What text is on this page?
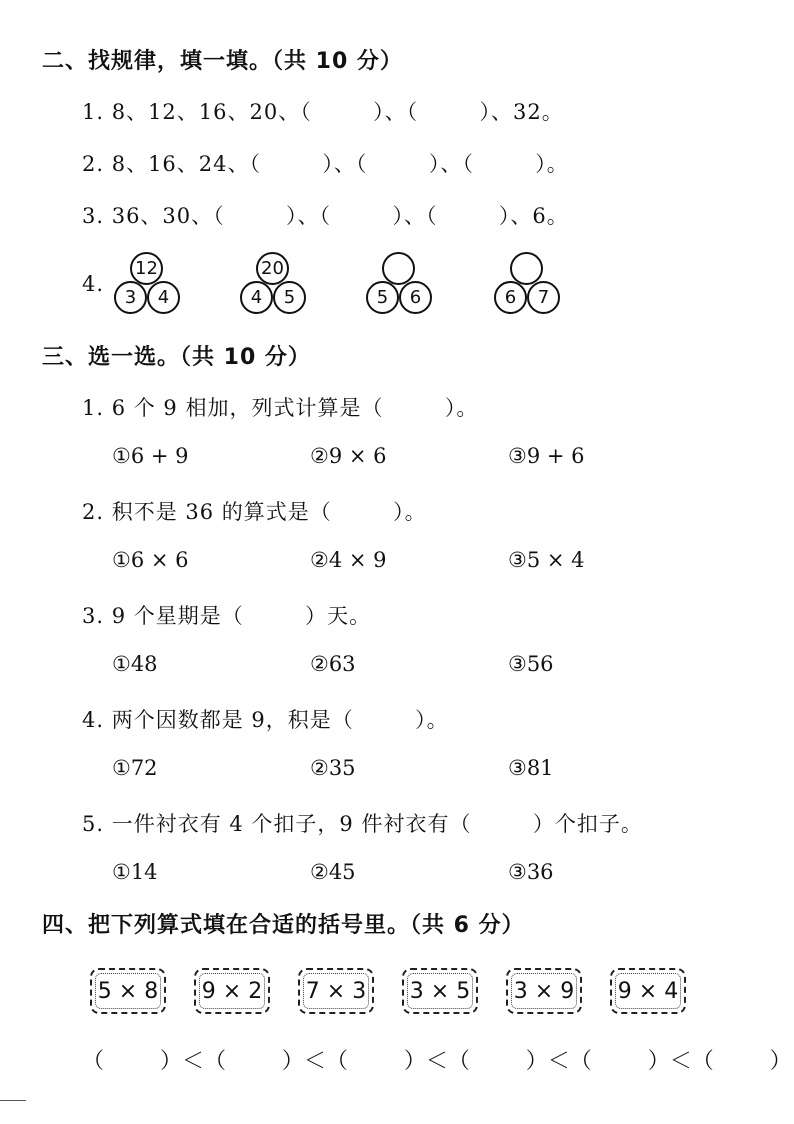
二、找规律，填一填。（共 10 分）
1. 8、12、16、20、（        ）、（        ）、32。
2. 8、16、24、（        ）、（        ）、（        ）。
3. 36、30、（        ）、（        ）、（        ）、6。
4.
12
3	4
20
4	5	5	6	6	7
三、选一选。（共 10 分）
1. 6 个 9 相加，列式计算是（        ）。
①6 + 9	②9 × 6	③9 + 6
2. 积不是 36 的算式是（        ）。
①6 × 6	②4 × 9	③5 × 4
3. 9 个星期是（        ）天。
①48	②63	③56
4. 两个因数都是 9，积是（        ）。
①72	②35	③81
5. 一件衬衣有 4 个扣子，9 件衬衣有（        ）个扣子。
①14	②45	③36
四、把下列算式填在合适的括号里。（共 6 分）
5 × 8	9 × 2	7 × 3	3 × 5	3 × 9	9 × 4
（        ）＜（        ）＜（        ）＜（        ）＜（        ）＜（        ）
